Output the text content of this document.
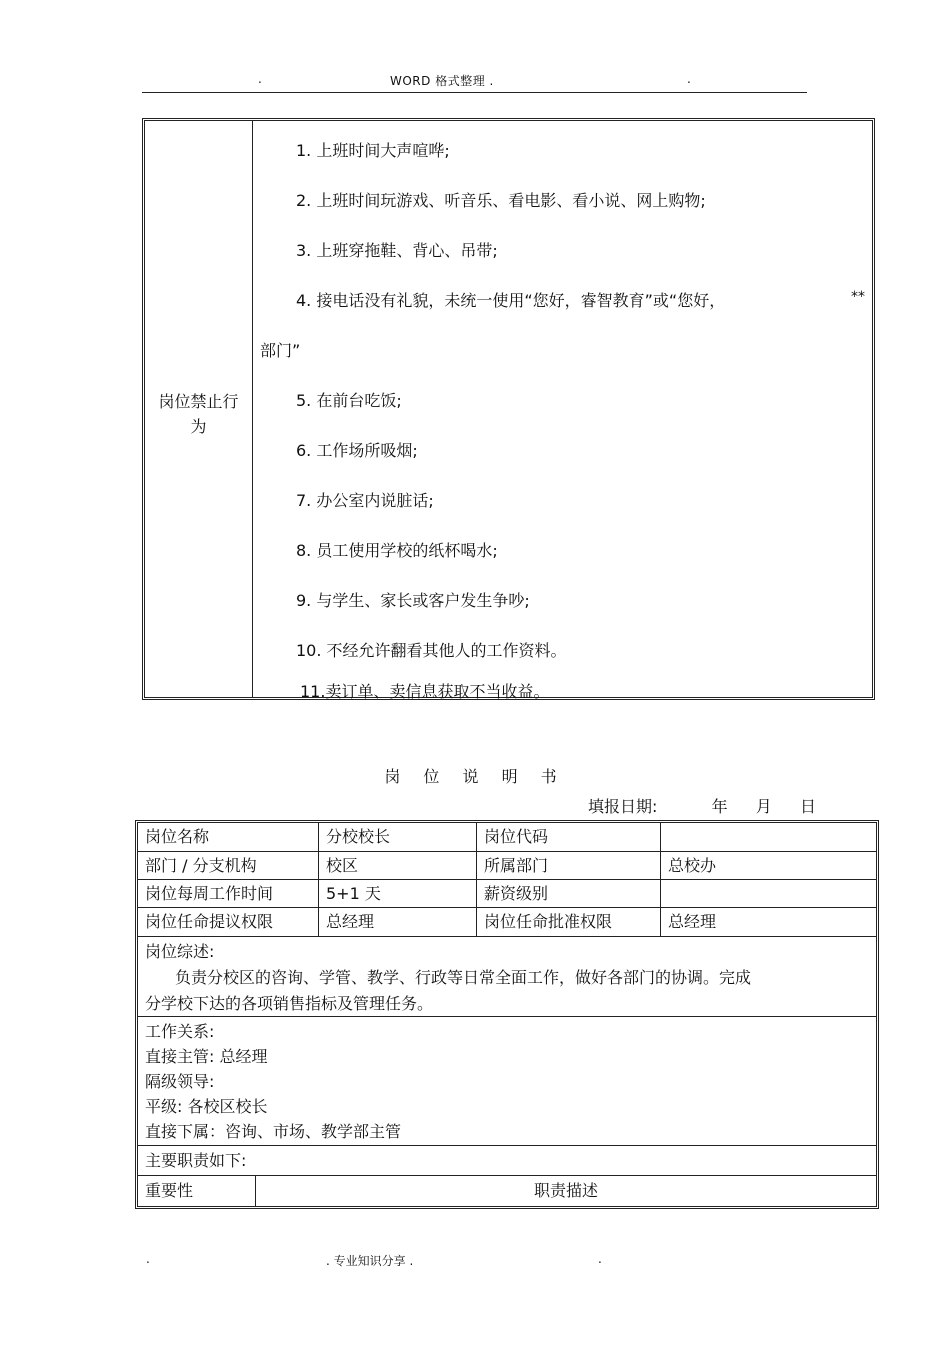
.	WORD 格式整理 .	.
岗位禁止行为
1. 上班时间大声喧哗;
2. 上班时间玩游戏、听音乐、看电影、看小说、网上购物;
3. 上班穿拖鞋、背心、吊带;
4. 接电话没有礼貌，未统一使用“您好，睿智教育”或“您好，	**
部门”
5. 在前台吃饭;
6. 工作场所吸烟;
7. 办公室内说脏话;
8. 员工使用学校的纸杯喝水;
9. 与学生、家长或客户发生争吵;
10. 不经允许翻看其他人的工作资料。
11.卖订单、卖信息获取不当收益。
岗 位 说 明 书
填报日期:	年 月 日
岗位名称	分校校长	岗位代码
部门 / 分支机构	校区	所属部门	总校办
岗位每周工作时间	5+1 天	薪资级别
岗位任命提议权限	总经理	岗位任命批准权限	总经理
岗位综述:
负责分校区的咨询、学管、教学、行政等日常全面工作，做好各部门的协调。完成
分学校下达的各项销售指标及管理任务。
工作关系:
直接主管: 总经理
隔级领导:
平级: 各校区校长
直接下属：咨询、市场、教学部主管
主要职责如下:
重要性	职责描述
.	. 专业知识分享 .	.
